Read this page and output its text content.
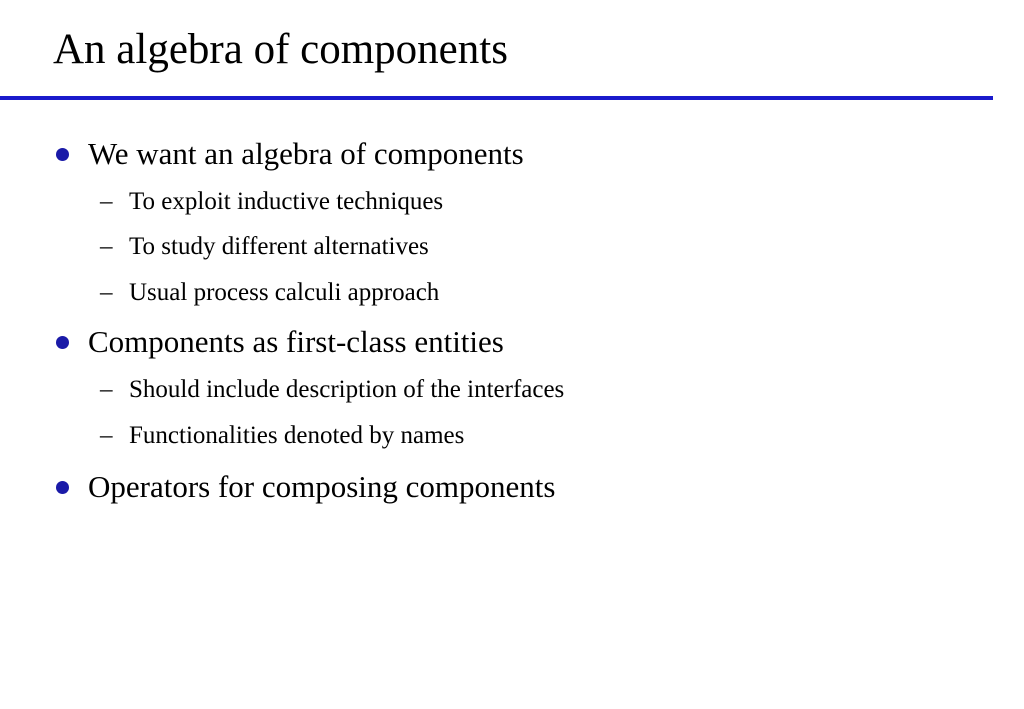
An algebra of components
We want an algebra of components
– To exploit inductive techniques
– To study different alternatives
– Usual process calculi approach
Components as first-class entities
– Should include description of the interfaces
– Functionalities denoted by names
Operators for composing components
